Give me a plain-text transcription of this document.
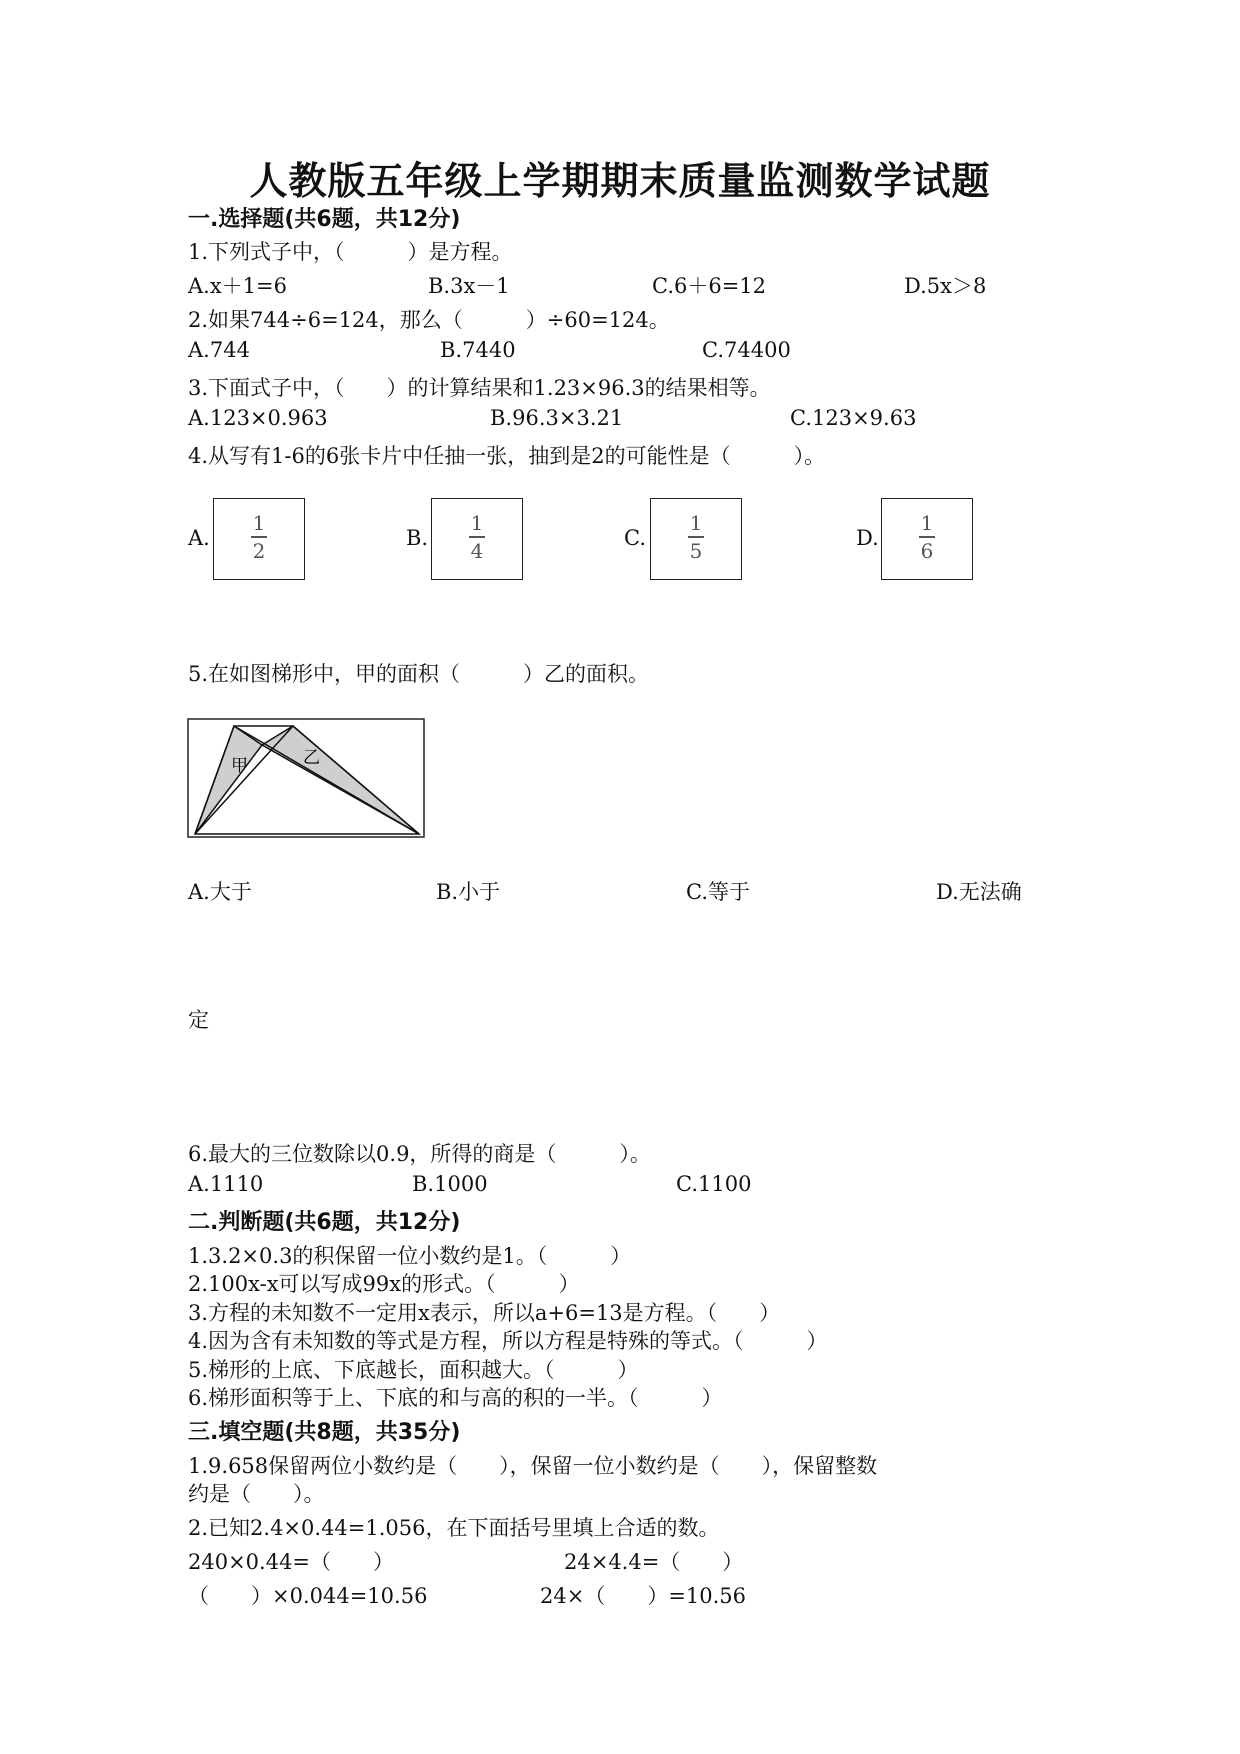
人教版五年级上学期期末质量监测数学试题
一.选择题(共6题，共12分)
1.下列式子中，（　　　）是方程。
A.x＋1=6	B.3x－1	C.6＋6=12	D.5x＞8
2.如果744÷6=124，那么（　　　）÷60=124。
A.744	B.7440	C.74400
3.下面式子中，（　　）的计算结果和1.23×96.3的结果相等。
A.123×0.963	B.96.3×3.21	C.123×9.63
4.从写有1-6的6张卡片中任抽一张，抽到是2的可能性是（　　　）。
A.
1
2
B.
1
4
C.
1
5
D.
1
6
5.在如图梯形中，甲的面积（　　　）乙的面积。
甲	乙
A.大于	B.小于	C.等于	D.无法确
定
6.最大的三位数除以0.9，所得的商是（　　　）。
A.1110	B.1000	C.1100
二.判断题(共6题，共12分)
1.3.2×0.3的积保留一位小数约是1。（　　　）
2.100x-x可以写成99x的形式。（　　　）
3.方程的未知数不一定用x表示，所以a+6=13是方程。（　　）
4.因为含有未知数的等式是方程，所以方程是特殊的等式。（　　　）
5.梯形的上底、下底越长，面积越大。（　　　）
6.梯形面积等于上、下底的和与高的积的一半。（　　　）
三.填空题(共8题，共35分)
1.9.658保留两位小数约是（　　），保留一位小数约是（　　），保留整数
约是（　　）。
2.已知2.4×0.44=1.056，在下面括号里填上合适的数。
240×0.44=（　　）	24×4.4=（　　）
（　　）×0.044=10.56	24×（　　）=10.56
